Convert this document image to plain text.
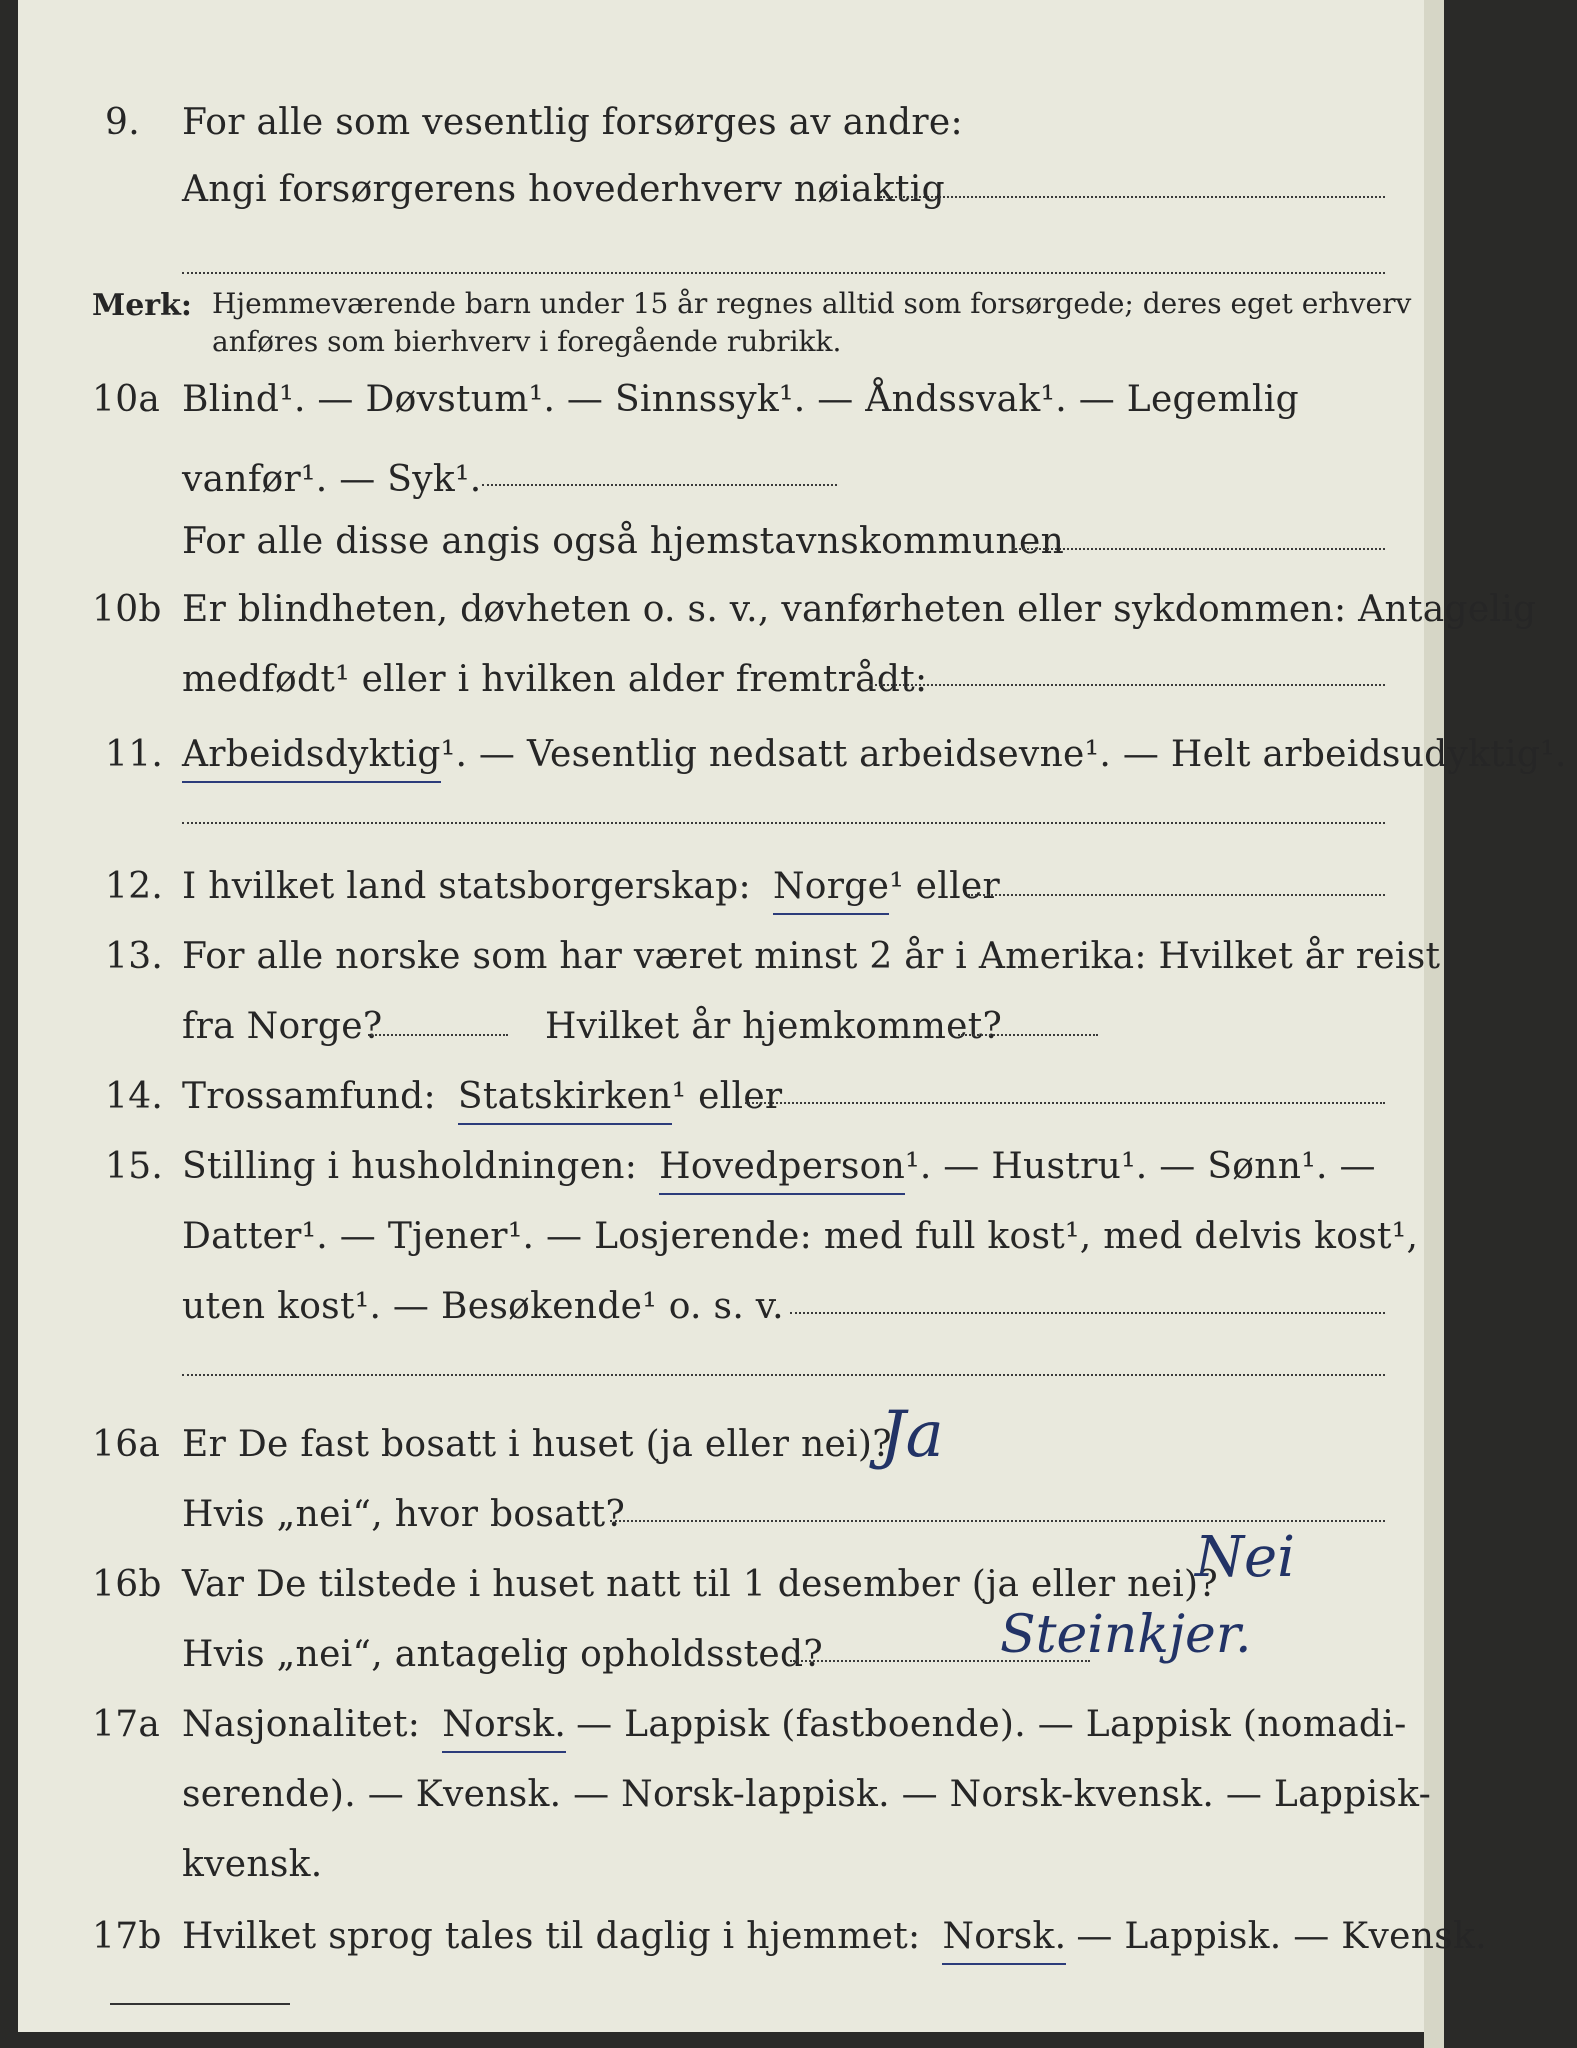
9. For alle som vesentlig forsørges av andre:
Angi forsørgerens hovederhverv nøiaktig
Merk: Hjemmeværende barn under 15 år regnes alltid som forsørgede; deres eget erhverv
anføres som bierhverv i foregående rubrikk.
10a Blind¹. — Døvstum¹. — Sinnssyk¹. — Åndssvak¹. — Legemlig
vanfør¹. — Syk¹.
For alle disse angis også hjemstavnskommunen
10b Er blindheten, døvheten o. s. v., vanførheten eller sykdommen: Antagelig
medfødt¹ eller i hvilken alder fremtrådt:
11. Arbeidsdyktig ¹. — Vesentlig nedsatt arbeidsevne¹. — Helt arbeidsudyktig¹.
12. I hvilket land statsborgerskap: Norge ¹ eller
13. For alle norske som har været minst 2 år i Amerika: Hvilket år reist
fra Norge?	Hvilket år hjemkommet?
14. Trossamfund: Statskirken ¹ eller
15. Stilling i husholdningen: Hovedperson ¹. — Hustru¹. — Sønn¹. —
Datter¹. — Tjener¹. — Losjerende: med full kost¹, med delvis kost¹,
uten kost¹. — Besøkende¹ o. s. v.
16a Er De fast bosatt i huset (ja eller nei)?
Ja
Hvis „nei“, hvor bosatt?
16b Var De tilstede i huset natt til 1 desember (ja eller nei)?
Nei
Hvis „nei“, antagelig opholdssted?	Steinkjer.
17a Nasjonalitet: Norsk. — Lappisk (fastboende). — Lappisk (nomadi-
serende). — Kvensk. — Norsk-lappisk. — Norsk-kvensk. — Lappisk-
kvensk.
17b Hvilket sprog tales til daglig i hjemmet: Norsk. — Lappisk. — Kvensk.
